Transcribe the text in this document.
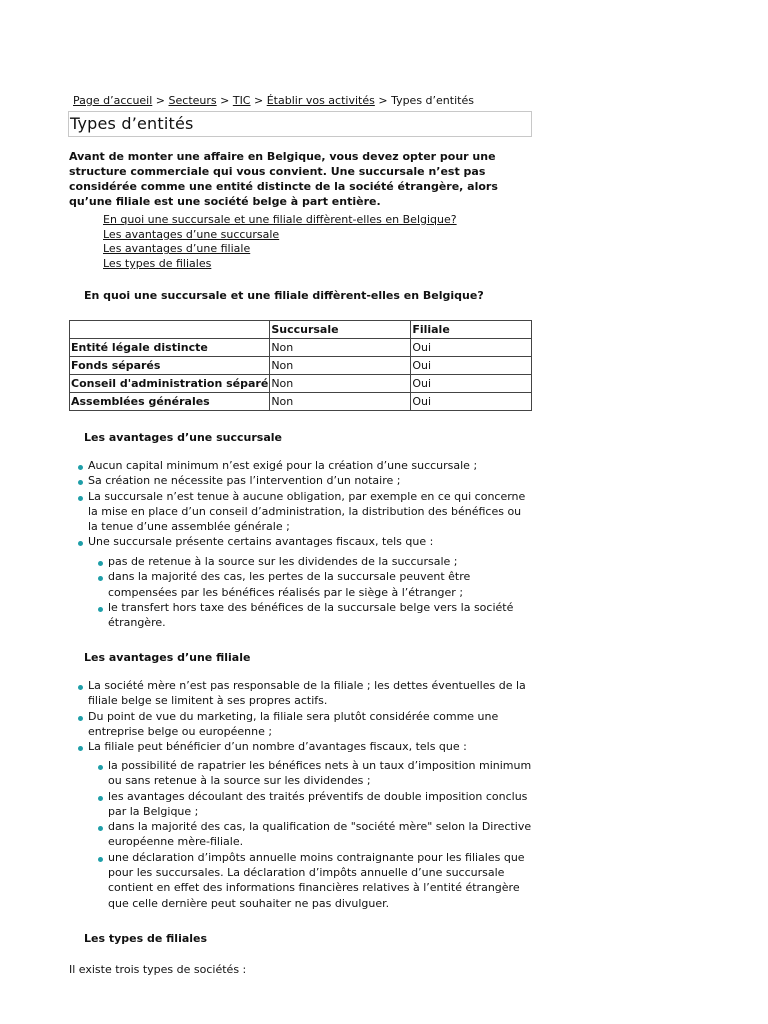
Page d’accueil > Secteurs > TIC > Établir vos activités > Types d’entités
Types d’entités
Avant de monter une affaire en Belgique, vous devez opter pour une structure commerciale qui vous convient. Une succursale n’est pas considérée comme une entité distincte de la société étrangère, alors qu’une filiale est une société belge à part entière.
En quoi une succursale et une filiale diffèrent-elles en Belgique?
Les avantages d’une succursale
Les avantages d’une filiale
Les types de filiales
En quoi une succursale et une filiale diffèrent-elles en Belgique?
	Succursale	Filiale
Entité légale distincte	Non	Oui
Fonds séparés	Non	Oui
Conseil d'administration séparé	Non	Oui
Assemblées générales	Non	Oui
Les avantages d’une succursale
Aucun capital minimum n’est exigé pour la création d’une succursale ;
Sa création ne nécessite pas l’intervention d’un notaire ;
La succursale n’est tenue à aucune obligation, par exemple en ce qui concerne la mise en place d’un conseil d’administration, la distribution des bénéfices ou la tenue d’une assemblée générale ;
Une succursale présente certains avantages fiscaux, tels que :
pas de retenue à la source sur les dividendes de la succursale ;
dans la majorité des cas, les pertes de la succursale peuvent être compensées par les bénéfices réalisés par le siège à l’étranger ;
le transfert hors taxe des bénéfices de la succursale belge vers la société étrangère.
Les avantages d’une filiale
La société mère n’est pas responsable de la filiale ; les dettes éventuelles de la filiale belge se limitent à ses propres actifs.
Du point de vue du marketing, la filiale sera plutôt considérée comme une entreprise belge ou européenne ;
La filiale peut bénéficier d’un nombre d’avantages fiscaux, tels que :
la possibilité de rapatrier les bénéfices nets à un taux d’imposition minimum ou sans retenue à la source sur les dividendes ;
les avantages découlant des traités préventifs de double imposition conclus par la Belgique ;
dans la majorité des cas, la qualification de "société mère" selon la Directive européenne mère-filiale.
une déclaration d’impôts annuelle moins contraignante pour les filiales que pour les succursales. La déclaration d’impôts annuelle d’une succursale contient en effet des informations financières relatives à l’entité étrangère que celle dernière peut souhaiter ne pas divulguer.
Les types de filiales
Il existe trois types de sociétés :
